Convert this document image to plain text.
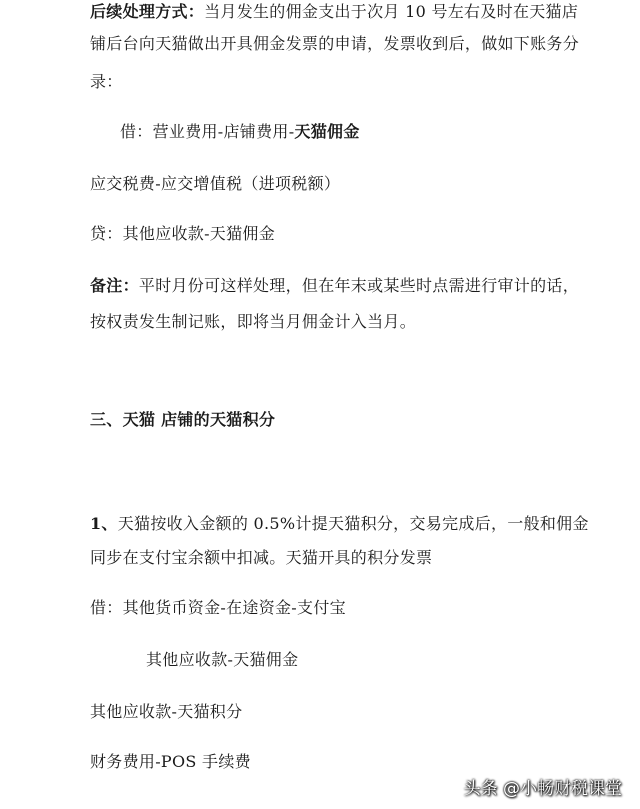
后续处理方式：当月发生的佣金支出于次月 10 号左右及时在天猫店
铺后台向天猫做出开具佣金发票的申请，发票收到后，做如下账务分
录：
借：营业费用-店铺费用-天猫佣金
应交税费-应交增值税（进项税额）
贷：其他应收款-天猫佣金
备注：平时月份可这样处理，但在年末或某些时点需进行审计的话，
按权责发生制记账，即将当月佣金计入当月。
三、天猫 店铺的天猫积分
1、天猫按收入金额的 0.5%计提天猫积分，交易完成后，一般和佣金
同步在支付宝余额中扣减。天猫开具的积分发票
借：其他货币资金-在途资金-支付宝
其他应收款-天猫佣金
其他应收款-天猫积分
财务费用-POS 手续费
头条 @小畅财税课堂
